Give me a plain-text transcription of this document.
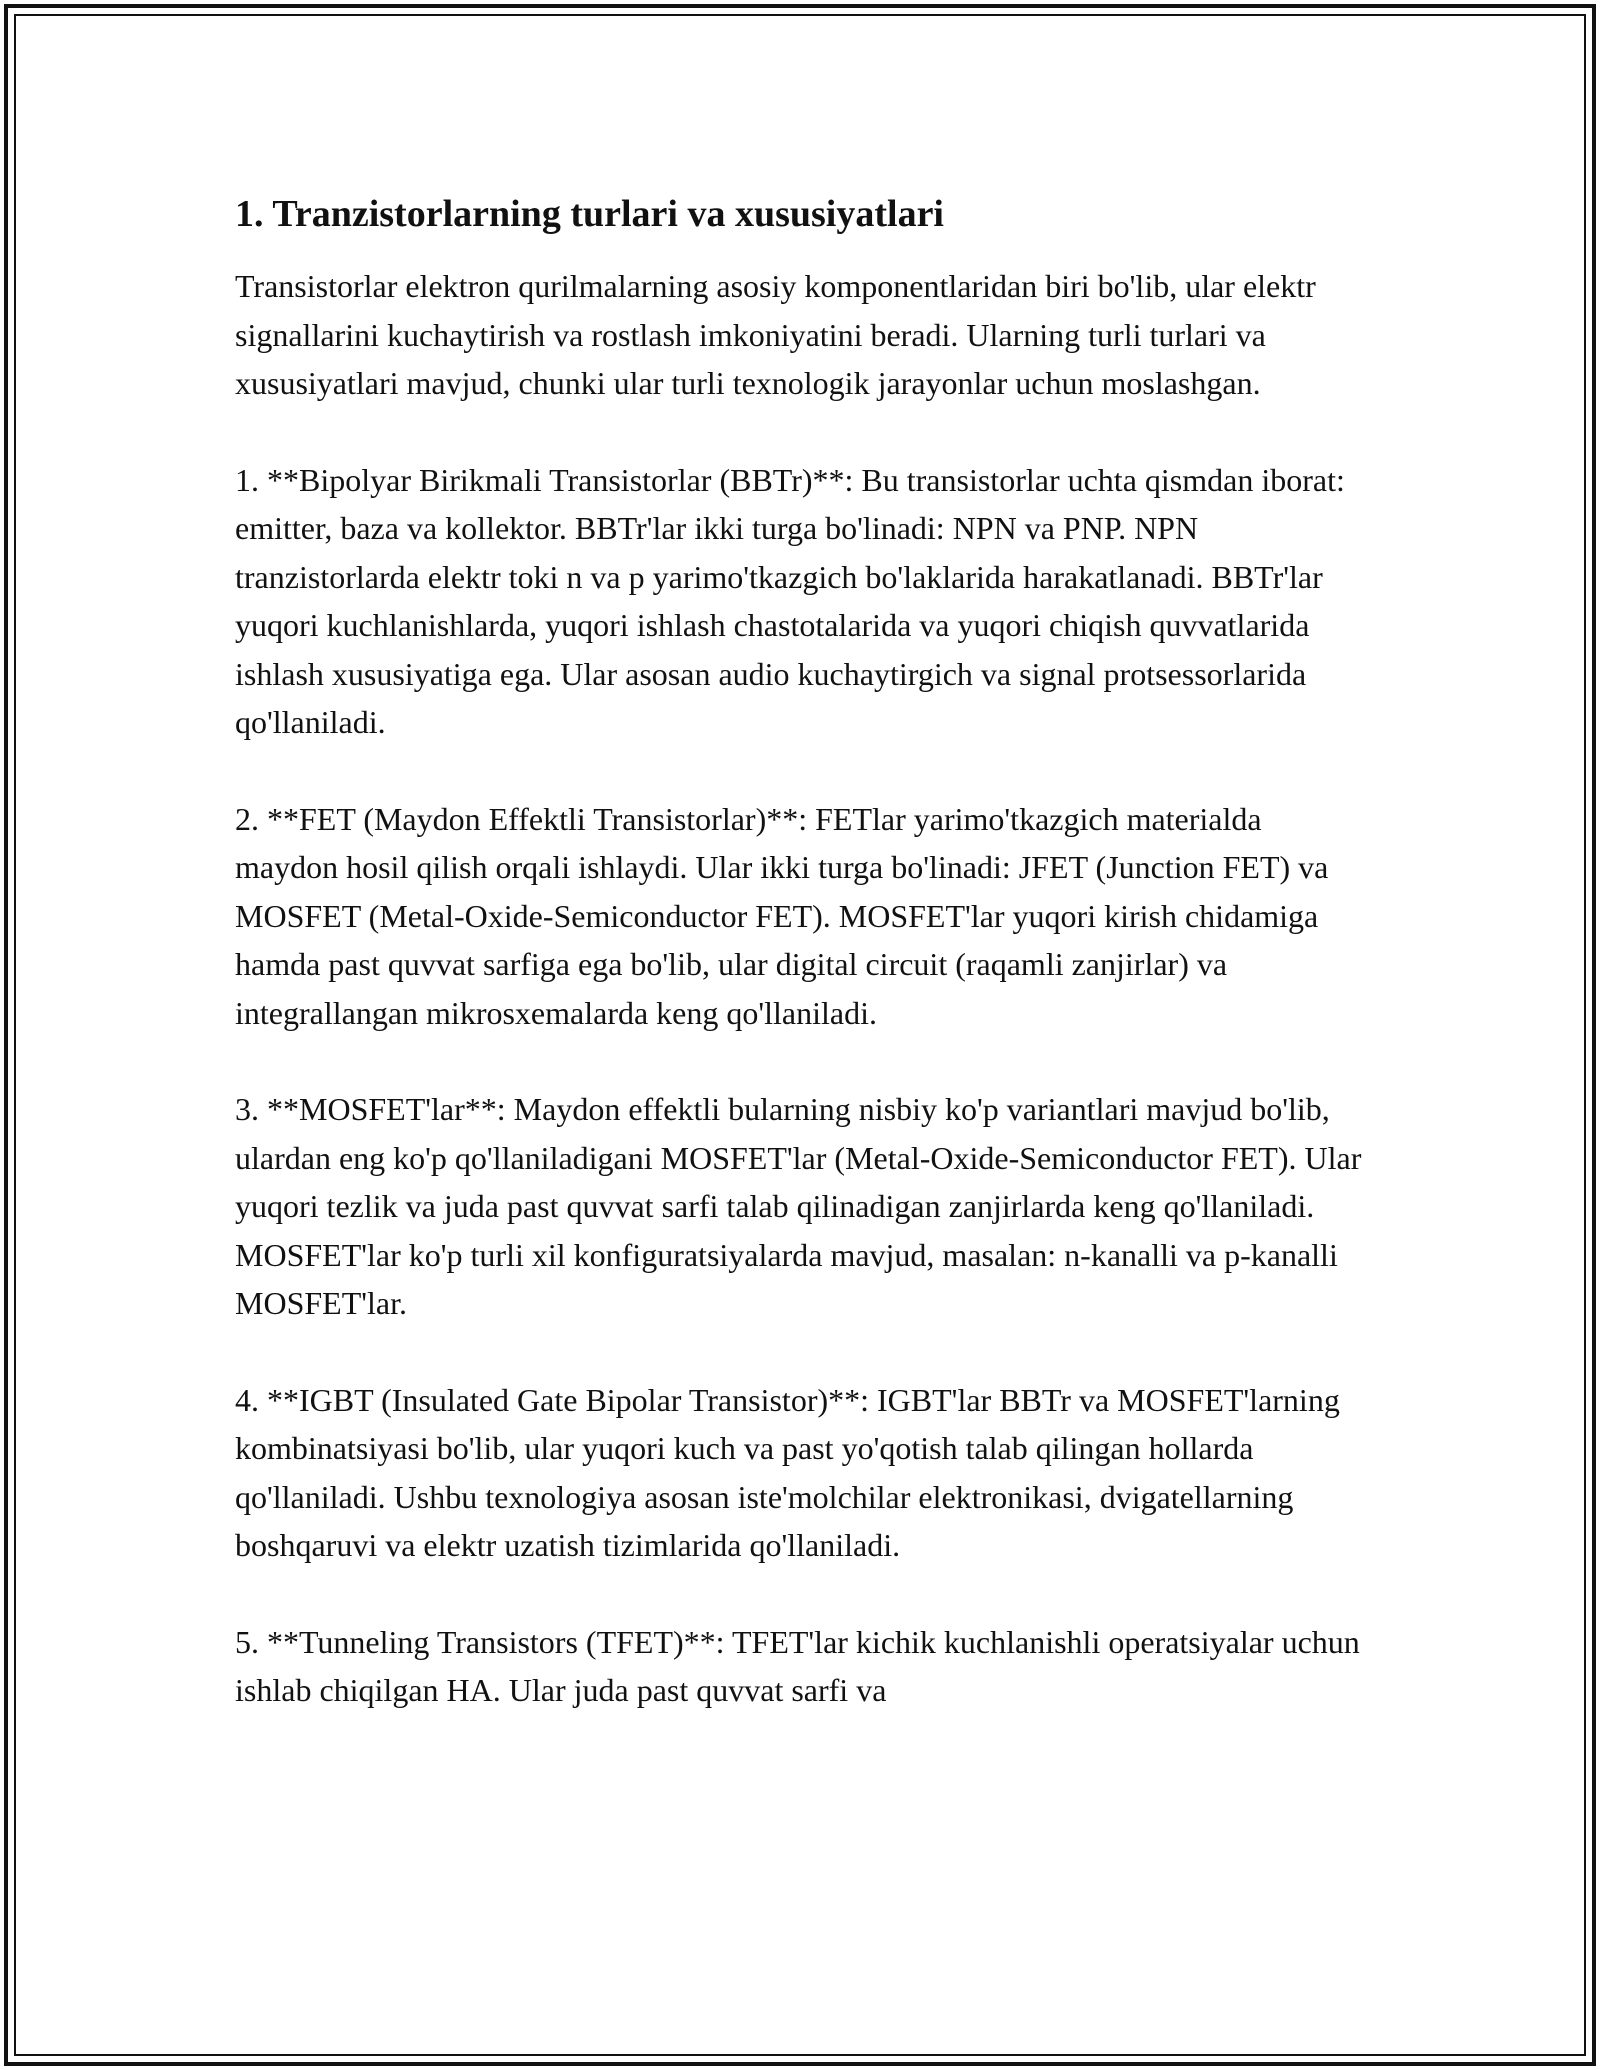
1. Tranzistorlarning turlari va xususiyatlari

Transistorlar elektron qurilmalarning asosiy komponentlaridan biri bo'lib, ular elektr signallarini kuchaytirish va rostlash imkoniyatini beradi. Ularning turli turlari va xususiyatlari mavjud, chunki ular turli texnologik jarayonlar uchun moslashgan.

1. **Bipolyar Birikmali Transistorlar (BBTr)**: Bu transistorlar uchta qismdan iborat: emitter, baza va kollektor. BBTr'lar ikki turga bo'linadi: NPN va PNP. NPN tranzistorlarda elektr toki n va p yarimo'tkazgich bo'laklarida harakatlanadi. BBTr'lar yuqori kuchlanishlarda, yuqori ishlash chastotalarida va yuqori chiqish quvvatlarida ishlash xususiyatiga ega. Ular asosan audio kuchaytirgich va signal protsessorlarida qo'llaniladi.

2. **FET (Maydon Effektli Transistorlar)**: FETlar yarimo'tkazgich materialda maydon hosil qilish orqali ishlaydi. Ular ikki turga bo'linadi: JFET (Junction FET) va MOSFET (Metal-Oxide-Semiconductor FET). MOSFET'lar yuqori kirish chidamiga hamda past quvvat sarfiga ega bo'lib, ular digital circuit (raqamli zanjirlar) va integrallangan mikrosxemalarda keng qo'llaniladi.

3. **MOSFET'lar**: Maydon effektli bularning nisbiy ko'p variantlari mavjud bo'lib, ulardan eng ko'p qo'llaniladigani MOSFET'lar (Metal-Oxide-Semiconductor FET). Ular yuqori tezlik va juda past quvvat sarfi talab qilinadigan zanjirlarda keng qo'llaniladi. MOSFET'lar ko'p turli xil konfiguratsiyalarda mavjud, masalan: n-kanalli va p-kanalli MOSFET'lar.

4. **IGBT (Insulated Gate Bipolar Transistor)**: IGBT'lar BBTr va MOSFET'larning kombinatsiyasi bo'lib, ular yuqori kuch va past yo'qotish talab qilingan hollarda qo'llaniladi. Ushbu texnologiya asosan iste'molchilar elektronikasi, dvigatellarning boshqaruvi va elektr uzatish tizimlarida qo'llaniladi.

5. **Tunneling Transistors (TFET)**: TFET'lar kichik kuchlanishli operatsiyalar uchun ishlab chiqilgan HA. Ular juda past quvvat sarfi va
